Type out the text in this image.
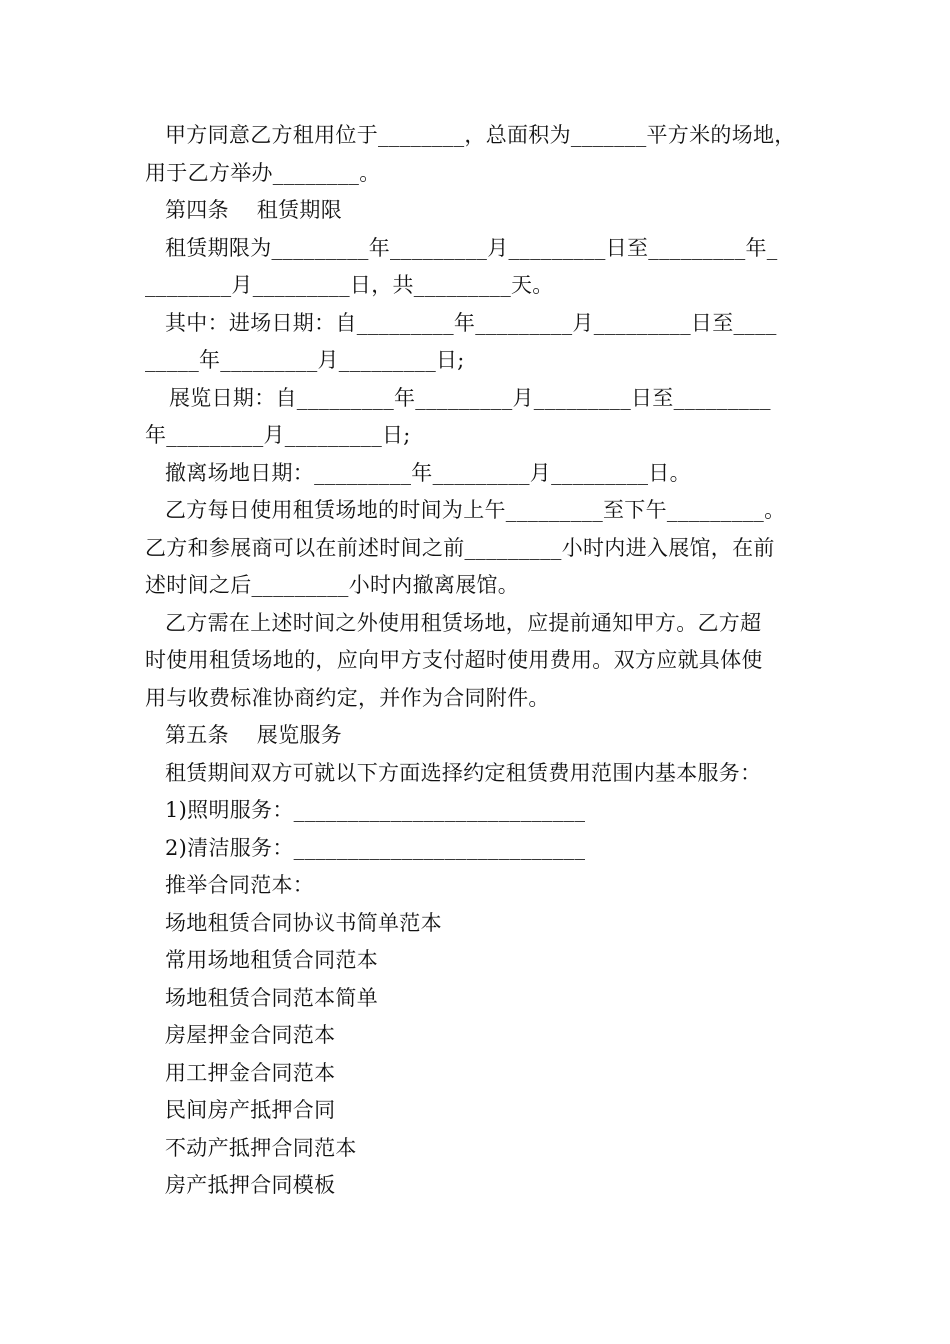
甲方同意乙方租用位于________，总面积为_______平方米的场地，

用于乙方举办________。

第四条    租赁期限

租赁期限为_________年_________月_________日至_________年_

________月_________日，共_________天。

其中：进场日期：自_________年_________月_________日至____

_____年_________月_________日;

展览日期：自_________年_________月_________日至_________

年_________月_________日;

撤离场地日期：_________年_________月_________日。

乙方每日使用租赁场地的时间为上午_________至下午_________。

乙方和参展商可以在前述时间之前_________小时内进入展馆，在前

述时间之后_________小时内撤离展馆。

乙方需在上述时间之外使用租赁场地，应提前通知甲方。乙方超

时使用租赁场地的，应向甲方支付超时使用费用。双方应就具体使

用与收费标准协商约定，并作为合同附件。

第五条    展览服务

租赁期间双方可就以下方面选择约定租赁费用范围内基本服务：

1)照明服务：___________________________

2)清洁服务：___________________________

推举合同范本：

场地租赁合同协议书简单范本

常用场地租赁合同范本

场地租赁合同范本简单

房屋押金合同范本

用工押金合同范本

民间房产抵押合同

不动产抵押合同范本

房产抵押合同模板
